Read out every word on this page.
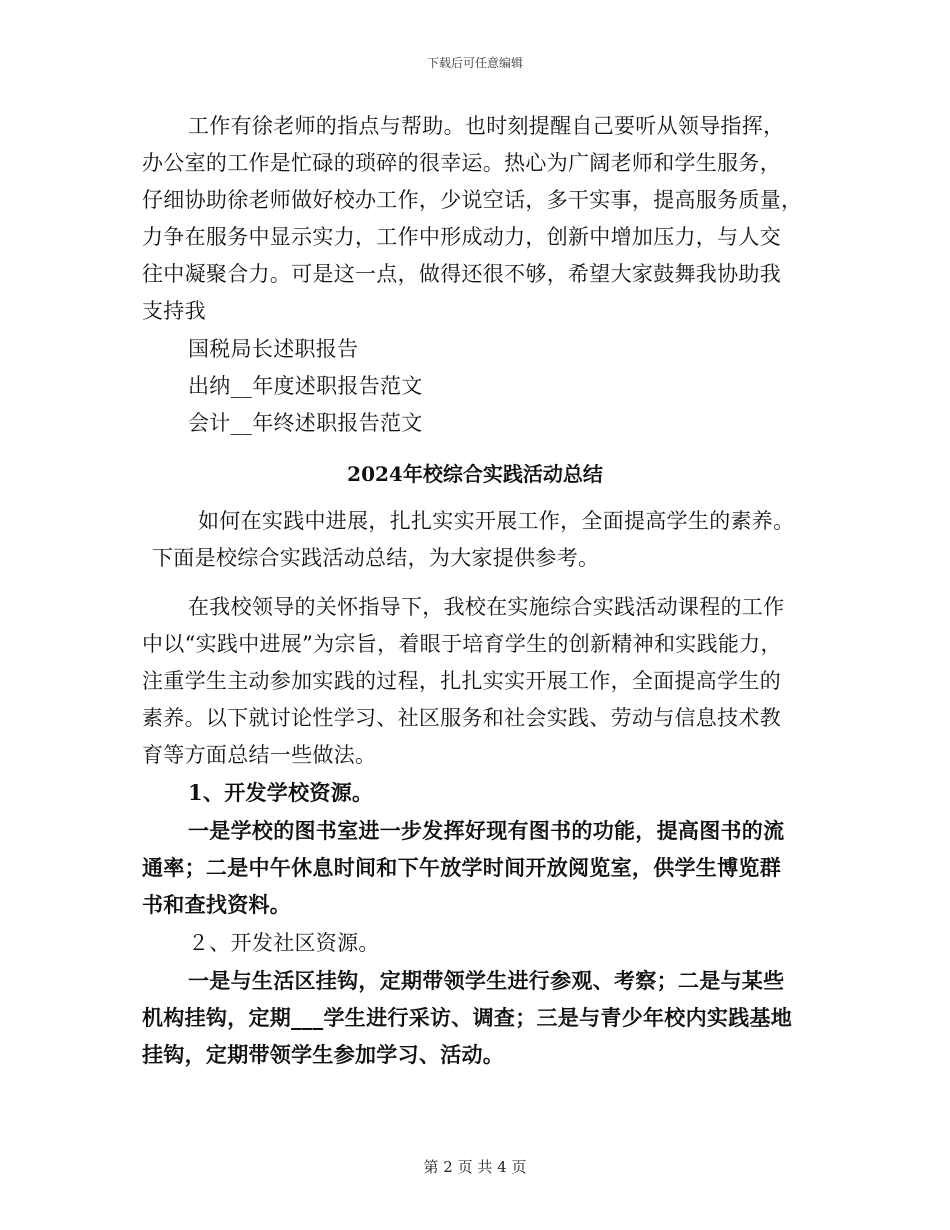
下载后可任意编辑
工作有徐老师的指点与帮助。也时刻提醒自己要听从领导指挥，
办公室的工作是忙碌的琐碎的很幸运。热心为广阔老师和学生服务，
仔细协助徐老师做好校办工作，少说空话，多干实事，提高服务质量，
力争在服务中显示实力，工作中形成动力，创新中增加压力，与人交
往中凝聚合力。可是这一点，做得还很不够，希望大家鼓舞我协助我
支持我
国税局长述职报告
出纳__年度述职报告范文
会计__年终述职报告范文
2024年校综合实践活动总结
如何在实践中进展，扎扎实实开展工作，全面提高学生的素养。
下面是校综合实践活动总结，为大家提供参考。
在我校领导的关怀指导下，我校在实施综合实践活动课程的工作
中以“实践中进展”为宗旨，着眼于培育学生的创新精神和实践能力，
注重学生主动参加实践的过程，扎扎实实开展工作，全面提高学生的
素养。以下就讨论性学习、社区服务和社会实践、劳动与信息技术教
育等方面总结一些做法。
1、开发学校资源。
一是学校的图书室进一步发挥好现有图书的功能，提高图书的流
通率；二是中午休息时间和下午放学时间开放阅览室，供学生博览群
书和查找资料。
２、开发社区资源。
一是与生活区挂钩，定期带领学生进行参观、考察；二是与某些
机构挂钩，定期___学生进行采访、调查；三是与青少年校内实践基地
挂钩，定期带领学生参加学习、活动。
第 2 页 共 4 页
